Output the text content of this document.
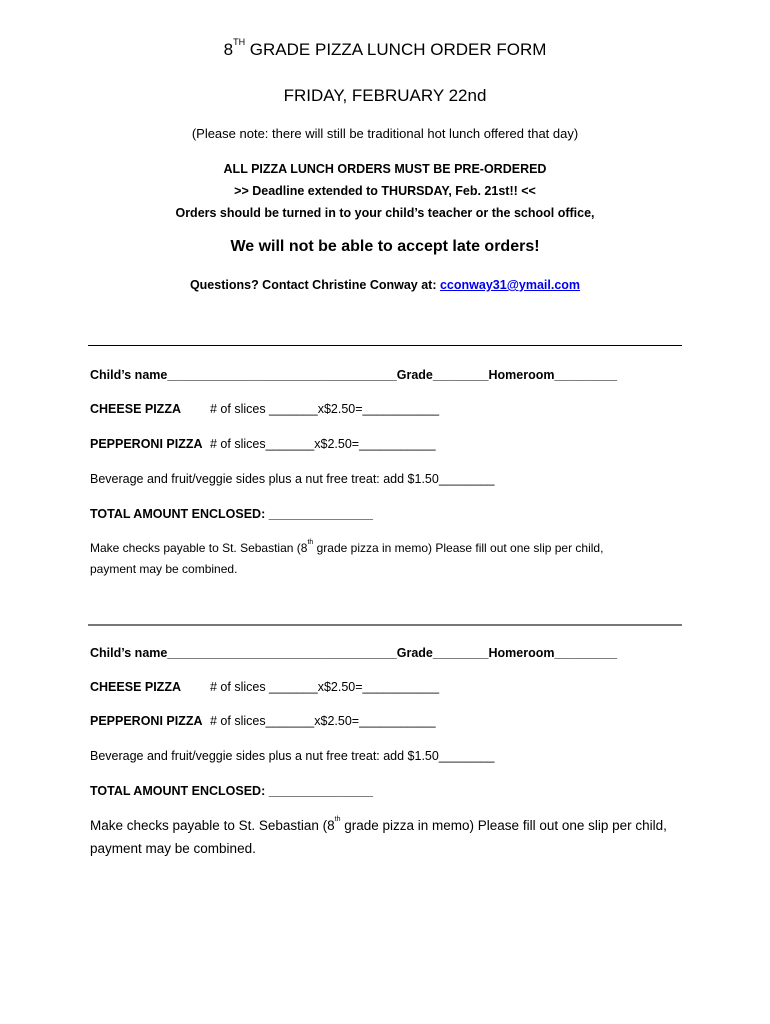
8TH GRADE PIZZA LUNCH ORDER FORM
FRIDAY, FEBRUARY 22nd
(Please note: there will still be traditional hot lunch offered that day)
ALL PIZZA LUNCH ORDERS MUST BE PRE-ORDERED
>> Deadline extended to THURSDAY, Feb. 21st!! <<
Orders should be turned in to your child’s teacher or the school office,
We will not be able to accept late orders!
Questions? Contact Christine Conway at: cconway31@ymail.com
Child’s name_________________________________Grade________Homeroom_________
CHEESE PIZZA # of slices _______x$2.50=___________
PEPPERONI PIZZA # of slices_______x$2.50=___________
Beverage and fruit/veggie sides plus a nut free treat: add $1.50________
TOTAL AMOUNT ENCLOSED: _______________
Make checks payable to St. Sebastian (8th grade pizza in memo) Please fill out one slip per child,
payment may be combined.
Child’s name_________________________________Grade________Homeroom_________
CHEESE PIZZA # of slices _______x$2.50=___________
PEPPERONI PIZZA # of slices_______x$2.50=___________
Beverage and fruit/veggie sides plus a nut free treat: add $1.50________
TOTAL AMOUNT ENCLOSED: _______________
Make checks payable to St. Sebastian (8th grade pizza in memo) Please fill out one slip per child,
payment may be combined.
